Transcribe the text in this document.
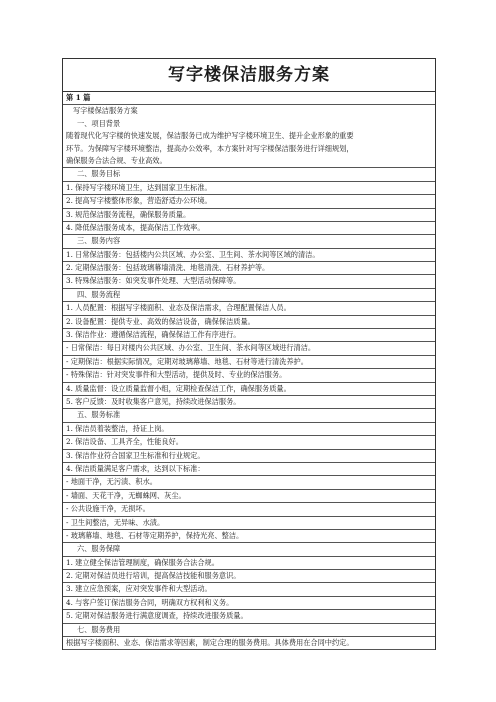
写字楼保洁服务方案
第 1 篇
写字楼保洁服务方案
一、项目背景
随着现代化写字楼的快速发展，保洁服务已成为维护写字楼环境卫生、提升企业形象的重要
环节。为保障写字楼环境整洁，提高办公效率，本方案针对写字楼保洁服务进行详细规划，
确保服务合法合规、专业高效。
二、服务目标
1. 保持写字楼环境卫生，达到国家卫生标准。
2. 提高写字楼整体形象，营造舒适办公环境。
3. 规范保洁服务流程，确保服务质量。
4. 降低保洁服务成本，提高保洁工作效率。
三、服务内容
1. 日常保洁服务：包括楼内公共区域、办公室、卫生间、茶水间等区域的清洁。
2. 定期保洁服务：包括玻璃幕墙清洗、地毯清洗、石材养护等。
3. 特殊保洁服务：如突发事件处理、大型活动保障等。
四、服务流程
1. 人员配置：根据写字楼面积、业态及保洁需求，合理配置保洁人员。
2. 设备配置：提供专业、高效的保洁设备，确保保洁质量。
3. 保洁作业：遵循保洁流程，确保保洁工作有序进行。
- 日常保洁：每日对楼内公共区域、办公室、卫生间、茶水间等区域进行清洁。
- 定期保洁：根据实际情况，定期对玻璃幕墙、地毯、石材等进行清洗养护。
- 特殊保洁：针对突发事件和大型活动，提供及时、专业的保洁服务。
4. 质量监督：设立质量监督小组，定期检查保洁工作，确保服务质量。
5. 客户反馈：及时收集客户意见，持续改进保洁服务。
五、服务标准
1. 保洁员着装整洁，持证上岗。
2. 保洁设备、工具齐全，性能良好。
3. 保洁作业符合国家卫生标准和行业规定。
4. 保洁质量满足客户需求，达到以下标准：
- 地面干净，无污渍、积水。
- 墙面、天花干净，无蜘蛛网、灰尘。
- 公共设施干净，无损坏。
- 卫生间整洁，无异味、水渍。
- 玻璃幕墙、地毯、石材等定期养护，保持光亮、整洁。
六、服务保障
1. 建立健全保洁管理制度，确保服务合法合规。
2. 定期对保洁员进行培训，提高保洁技能和服务意识。
3. 建立应急预案，应对突发事件和大型活动。
4. 与客户签订保洁服务合同，明确双方权利和义务。
5. 定期对保洁服务进行满意度调查，持续改进服务质量。
七、服务费用
根据写字楼面积、业态、保洁需求等因素，制定合理的服务费用。具体费用在合同中约定。
